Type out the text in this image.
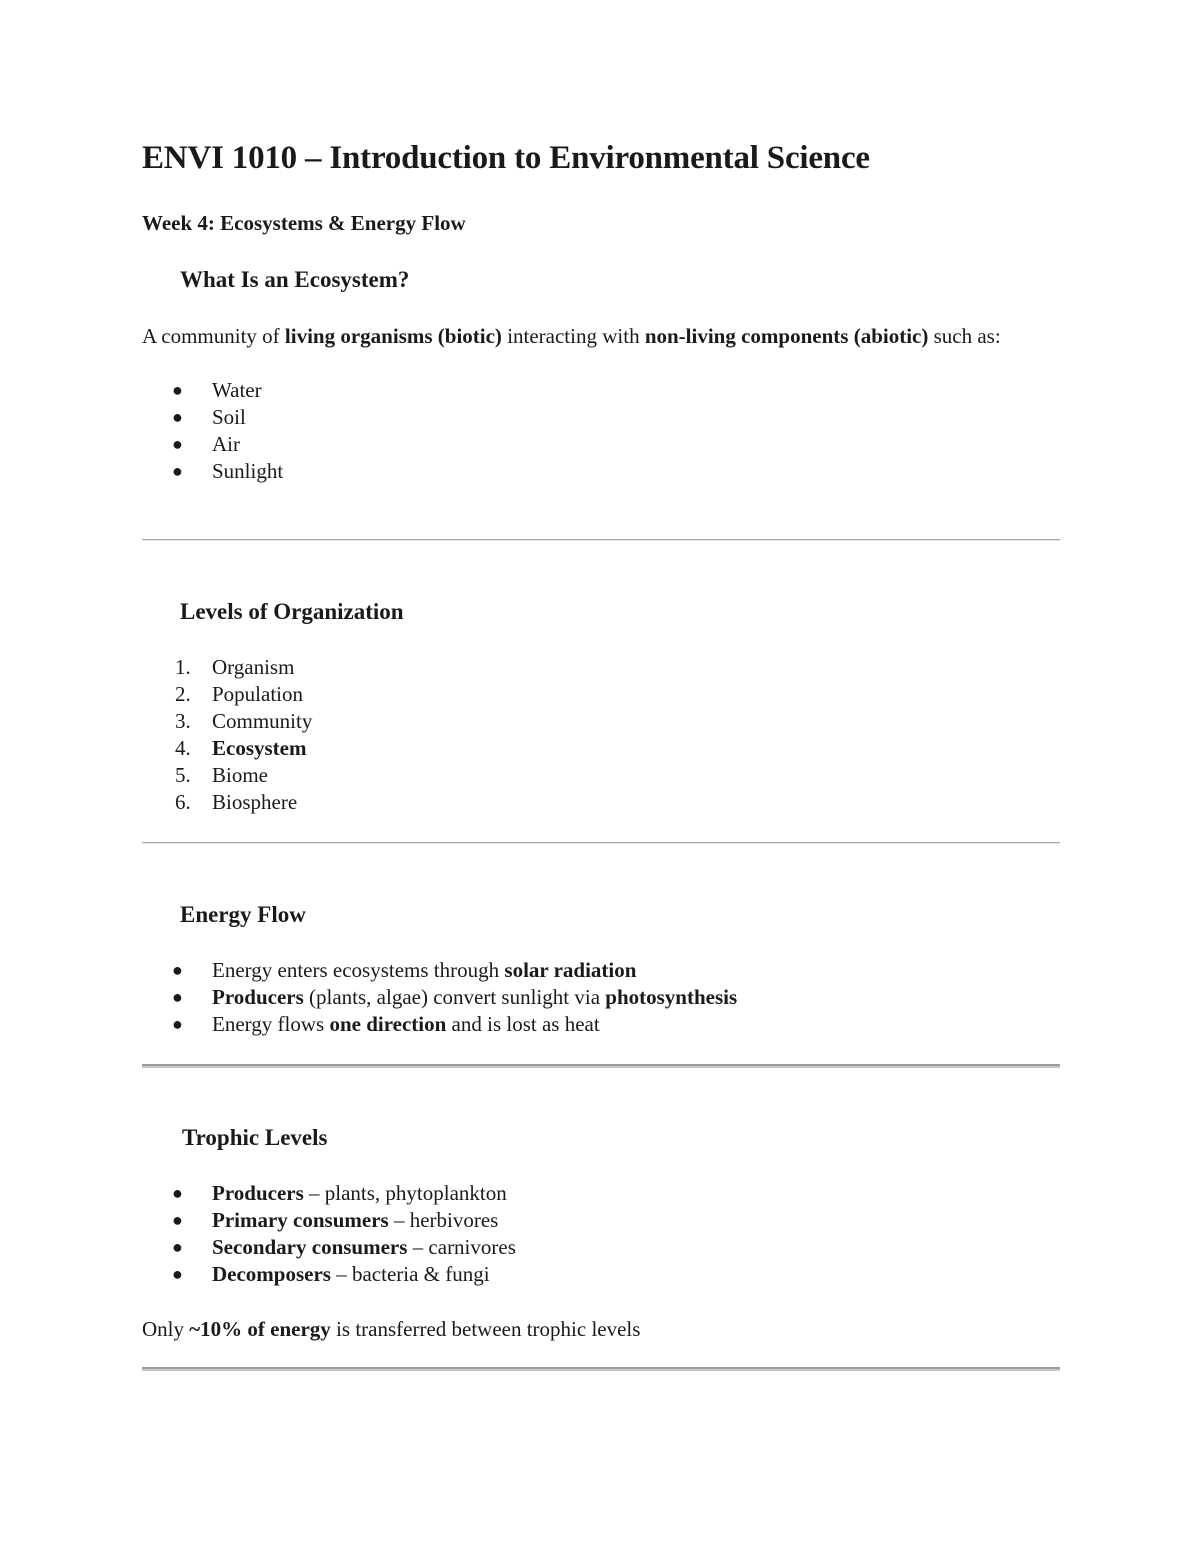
ENVI 1010 – Introduction to Environmental Science

Week 4: Ecosystems & Energy Flow

What Is an Ecosystem?

A community of living organisms (biotic) interacting with non-living components (abiotic) such as:

● Water
● Soil
● Air
● Sunlight
Levels of Organization
1. Organism
2. Population
3. Community
4. Ecosystem
5. Biome
6. Biosphere
Energy Flow
● Energy enters ecosystems through solar radiation
● Producers (plants, algae) convert sunlight via photosynthesis
● Energy flows one direction and is lost as heat
Trophic Levels
● Producers – plants, phytoplankton
● Primary consumers – herbivores
● Secondary consumers – carnivores
● Decomposers – bacteria & fungi

Only ~10% of energy is transferred between trophic levels
